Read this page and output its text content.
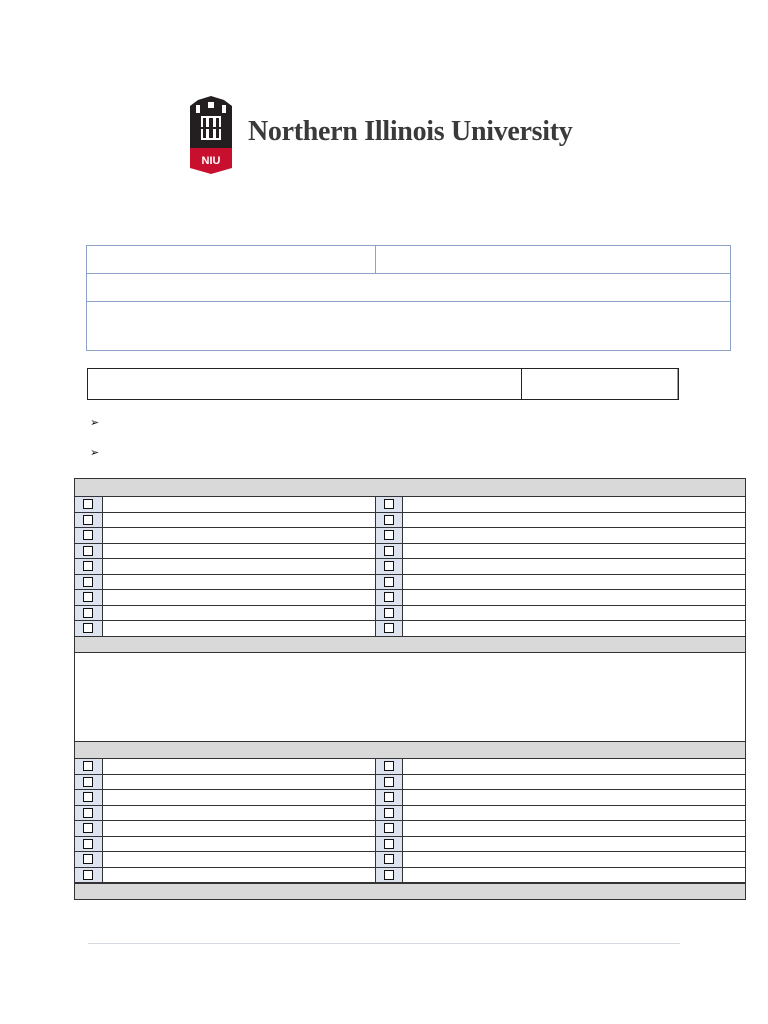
NIU
Northern Illinois University
➢
➢
